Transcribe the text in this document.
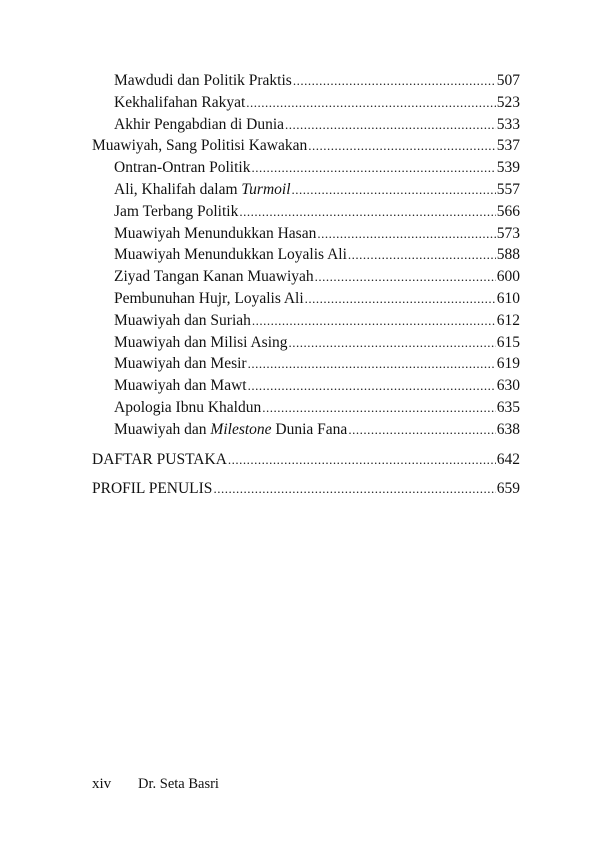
Mawdudi dan Politik Praktis .....	507
Kekhalifahan Rakyat .....	523
Akhir Pengabdian di Dunia .....	533
Muawiyah, Sang Politisi Kawakan .....	537
Ontran-Ontran Politik .....	539
Ali, Khalifah dalam Turmoil .....	557
Jam Terbang Politik .....	566
Muawiyah Menundukkan Hasan .....	573
Muawiyah Menundukkan Loyalis Ali .....	588
Ziyad Tangan Kanan Muawiyah .....	600
Pembunuhan Hujr, Loyalis Ali .....	610
Muawiyah dan Suriah .....	612
Muawiyah dan Milisi Asing .....	615
Muawiyah dan Mesir .....	619
Muawiyah dan Mawt .....	630
Apologia Ibnu Khaldun .....	635
Muawiyah dan Milestone Dunia Fana .....	638
DAFTAR PUSTAKA .....	642
PROFIL PENULIS .....	659
xiv Dr. Seta Basri
